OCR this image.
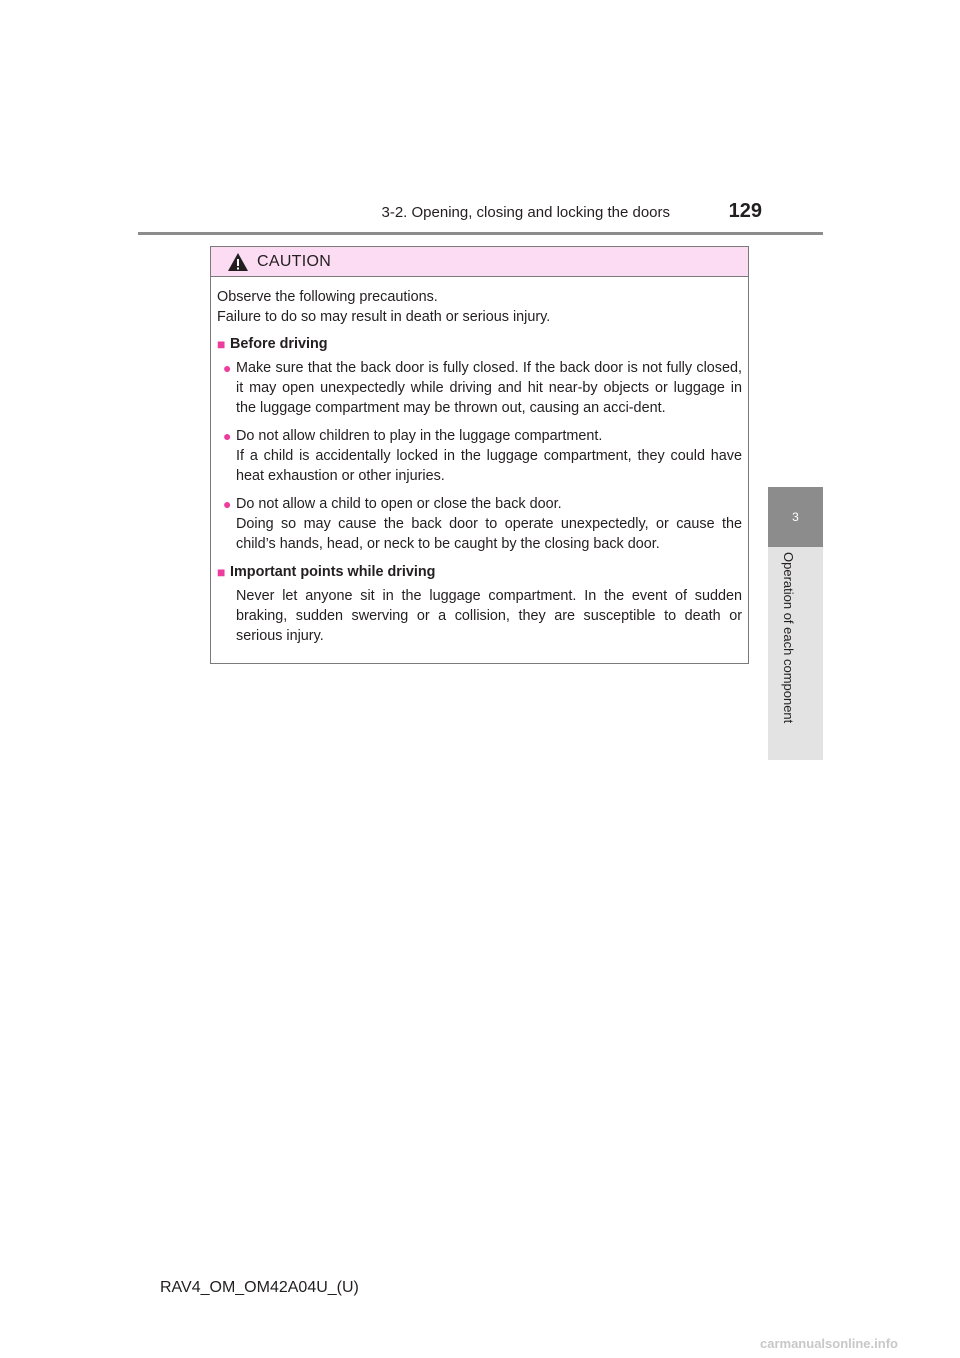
3-2. Opening, closing and locking the doors	129
3
Operation of each component
CAUTION

Observe the following precautions.

Failure to do so may result in death or serious injury.

■ Before driving
● Make sure that the back door is fully closed. If the back door is not fully closed, it may open unexpectedly while driving and hit near-by objects or luggage in the luggage compartment may be thrown out, causing an acci-dent.

● Do not allow children to play in the luggage compartment.

If a child is accidentally locked in the luggage compartment, they could have heat exhaustion or other injuries.

● Do not allow a child to open or close the back door.

Doing so may cause the back door to operate unexpectedly, or cause the child’s hands, head, or neck to be caught by the closing back door.

■ Important points while driving

Never let anyone sit in the luggage compartment. In the event of sudden braking, sudden swerving or a collision, they are susceptible to death or serious injury.

RAV4_OM_OM42A04U_(U)
carmanualsonline.info
